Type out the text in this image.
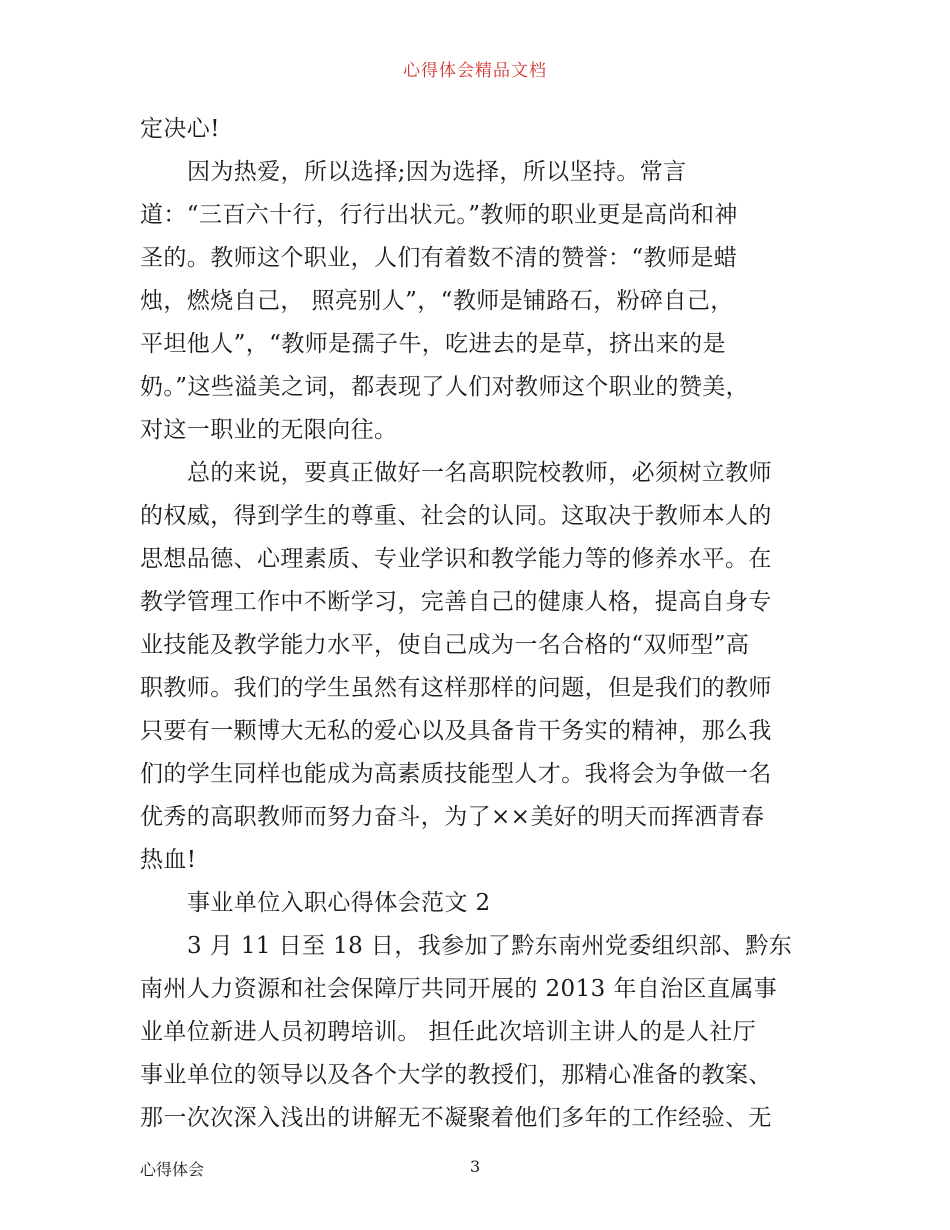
心得体会精品文档
定决心!
因为热爱，所以选择;因为选择，所以坚持。常言
道：“三百六十行，行行出状元。”教师的职业更是高尚和神
圣的。教师这个职业，人们有着数不清的赞誉：“教师是蜡
烛，燃烧自己， 照亮别人”，“教师是铺路石，粉碎自己，
平坦他人”，“教师是孺子牛，吃进去的是草，挤出来的是
奶。”这些溢美之词，都表现了人们对教师这个职业的赞美，
对这一职业的无限向往。
总的来说，要真正做好一名高职院校教师，必须树立教师
的权威，得到学生的尊重、社会的认同。这取决于教师本人的
思想品德、心理素质、专业学识和教学能力等的修养水平。在
教学管理工作中不断学习，完善自己的健康人格，提高自身专
业技能及教学能力水平，使自己成为一名合格的“双师型”高
职教师。我们的学生虽然有这样那样的问题，但是我们的教师
只要有一颗博大无私的爱心以及具备肯干务实的精神，那么我
们的学生同样也能成为高素质技能型人才。我将会为争做一名
优秀的高职教师而努力奋斗，为了××美好的明天而挥洒青春
热血!
事业单位入职心得体会范文 2
3 月 11 日至 18 日，我参加了黔东南州党委组织部、黔东
南州人力资源和社会保障厅共同开展的 2013 年自治区直属事
业单位新进人员初聘培训。 担任此次培训主讲人的是人社厅
事业单位的领导以及各个大学的教授们，那精心准备的教案、
那一次次深入浅出的讲解无不凝聚着他们多年的工作经验、无
心得体会	3
